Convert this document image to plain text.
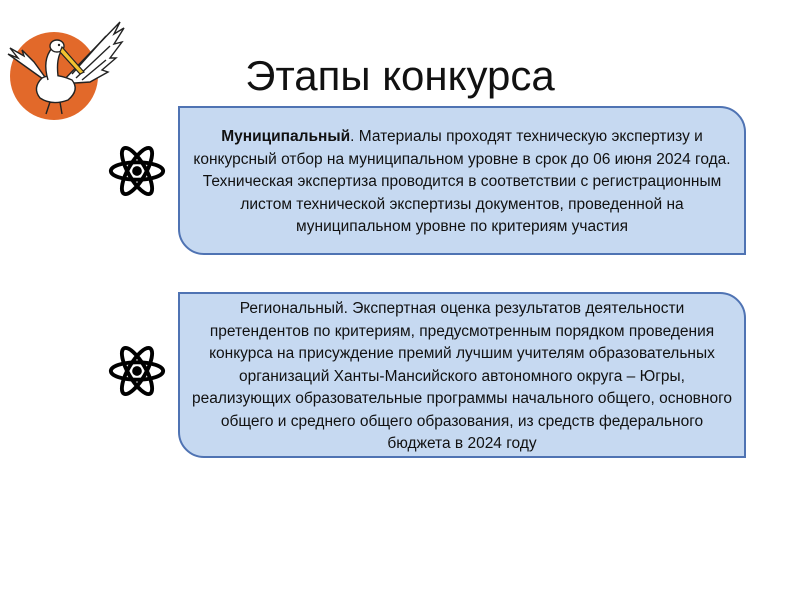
Этапы конкурса
Муниципальный. Материалы проходят техническую экспертизу и конкурсный отбор на муниципальном уровне в срок до 06 июня 2024 года. Техническая экспертиза проводится в соответствии с регистрационным листом технической экспертизы документов, проведенной на муниципальном уровне по критериям участия
Региональный. Экспертная оценка результатов деятельности претендентов по критериям, предусмотренным порядком проведения конкурса на присуждение премий лучшим учителям образовательных организаций Ханты-Мансийского автономного округа – Югры, реализующих образовательные программы начального общего, основного общего и среднего общего образования, из средств федерального бюджета в 2024 году
